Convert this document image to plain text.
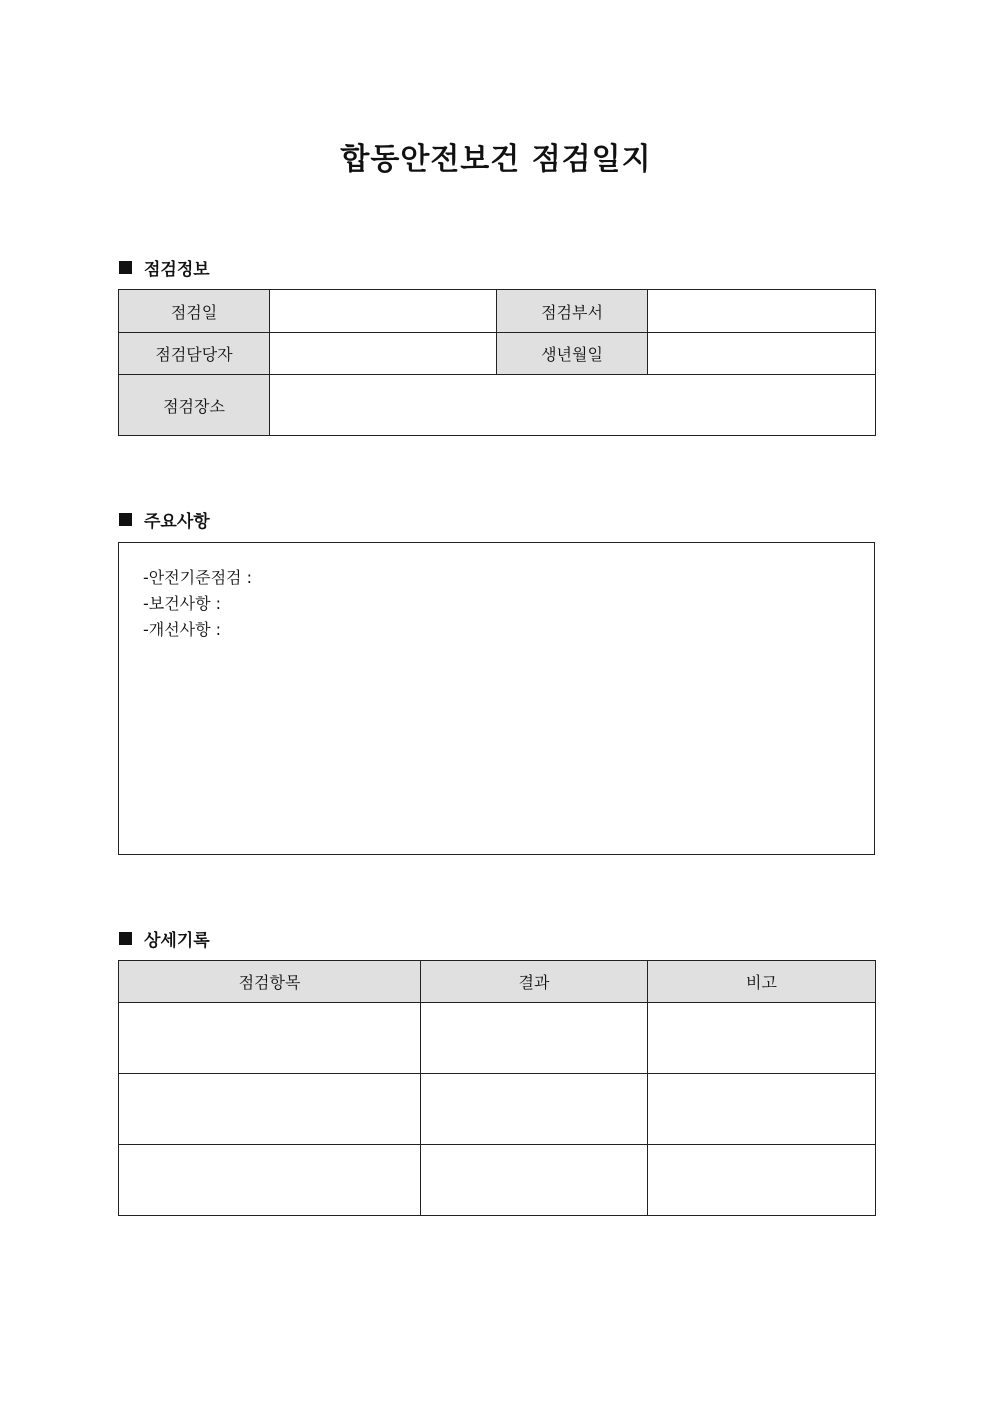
합동안전보건 점검일지
점검정보
점검일		점검부서	
점검담당자		생년월일	
점검장소			
주요사항
-안전기준점검 :
-보건사항 :
-개선사항 :
상세기록
점검항목	결과	비고
